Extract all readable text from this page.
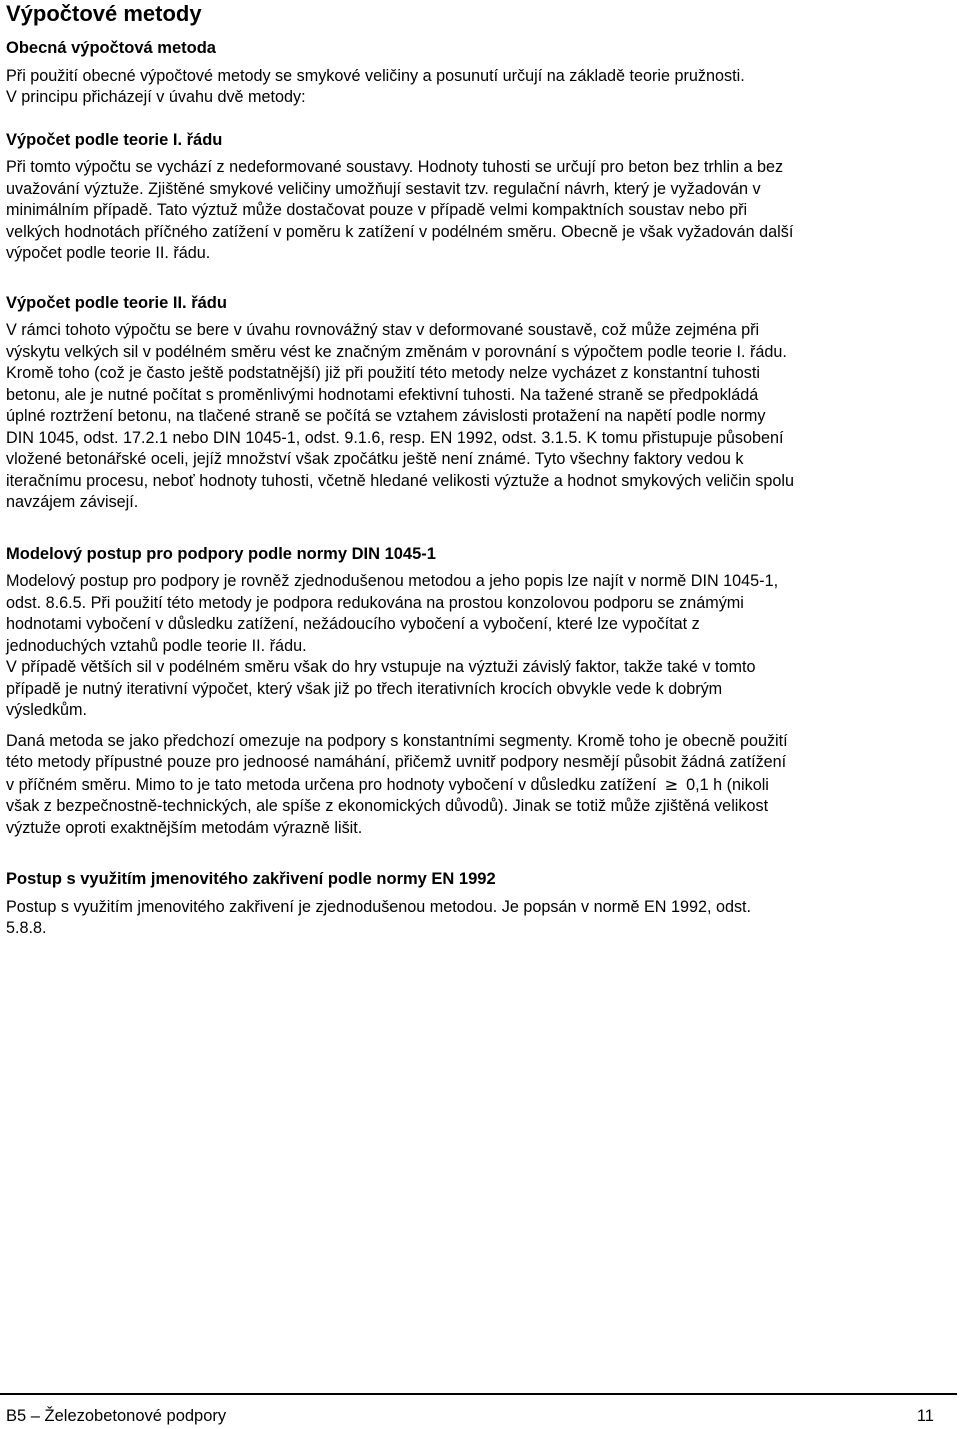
Výpočtové metody
Obecná výpočtová metoda

Při použití obecné výpočtové metody se smykové veličiny a posunutí určují na základě teorie pružnosti.

V principu přicházejí v úvahu dvě metody:

Výpočet podle teorie I. řádu

Při tomto výpočtu se vychází z nedeformované soustavy. Hodnoty tuhosti se určují pro beton bez trhlin a bez uvažování výztuže. Zjištěné smykové veličiny umožňují sestavit tzv. regulační návrh, který je vyžadován v minimálním případě. Tato výztuž může dostačovat pouze v případě velmi kompaktních soustav nebo při velkých hodnotách příčného zatížení v poměru k zatížení v podélném směru. Obecně je však vyžadován další výpočet podle teorie II. řádu.

Výpočet podle teorie II. řádu

V rámci tohoto výpočtu se bere v úvahu rovnovážný stav v deformované soustavě, což může zejména při výskytu velkých sil v podélném směru vést ke značným změnám v porovnání s výpočtem podle teorie I. řádu. Kromě toho (což je často ještě podstatnější) již při použití této metody nelze vycházet z konstantní tuhosti betonu, ale je nutné počítat s proměnlivými hodnotami efektivní tuhosti. Na tažené straně se předpokládá úplné roztržení betonu, na tlačené straně se počítá se vztahem závislosti protažení na napětí podle normy DIN 1045, odst. 17.2.1 nebo DIN 1045-1, odst. 9.1.6, resp. EN 1992, odst. 3.1.5. K tomu přistupuje působení vložené betonářské oceli, jejíž množství však zpočátku ještě není známé. Tyto všechny faktory vedou k iteračnímu procesu, neboť hodnoty tuhosti, včetně hledané velikosti výztuže a hodnot smykových veličin spolu navzájem závisejí.

Modelový postup pro podpory podle normy DIN 1045-1

Modelový postup pro podpory je rovněž zjednodušenou metodou a jeho popis lze najít v normě DIN 1045-1, odst. 8.6.5. Při použití této metody je podpora redukována na prostou konzolovou podporu se známými hodnotami vybočení v důsledku zatížení, nežádoucího vybočení a vybočení, které lze vypočítat z jednoduchých vztahů podle teorie II. řádu.

V případě větších sil v podélném směru však do hry vstupuje na výztuži závislý faktor, takže také v tomto případě je nutný iterativní výpočet, který však již po třech iterativních krocích obvykle vede k dobrým výsledkům.

Daná metoda se jako předchozí omezuje na podpory s konstantními segmenty. Kromě toho je obecně použití této metody přípustné pouze pro jednoosé namáhání, přičemž uvnitř podpory nesmějí působit žádná zatížení v příčném směru. Mimo to je tato metoda určena pro hodnoty vybočení v důsledku zatížení ≥ 0,1 h (nikoli však z bezpečnostně-technických, ale spíše z ekonomických důvodů). Jinak se totiž může zjištěná velikost výztuže oproti exaktnějším metodám výrazně lišit.

Postup s využitím jmenovitého zakřivení podle normy EN 1992

Postup s využitím jmenovitého zakřivení je zjednodušenou metodou. Je popsán v normě EN 1992, odst. 5.8.8.

B5 – Železobetonové podpory	11
